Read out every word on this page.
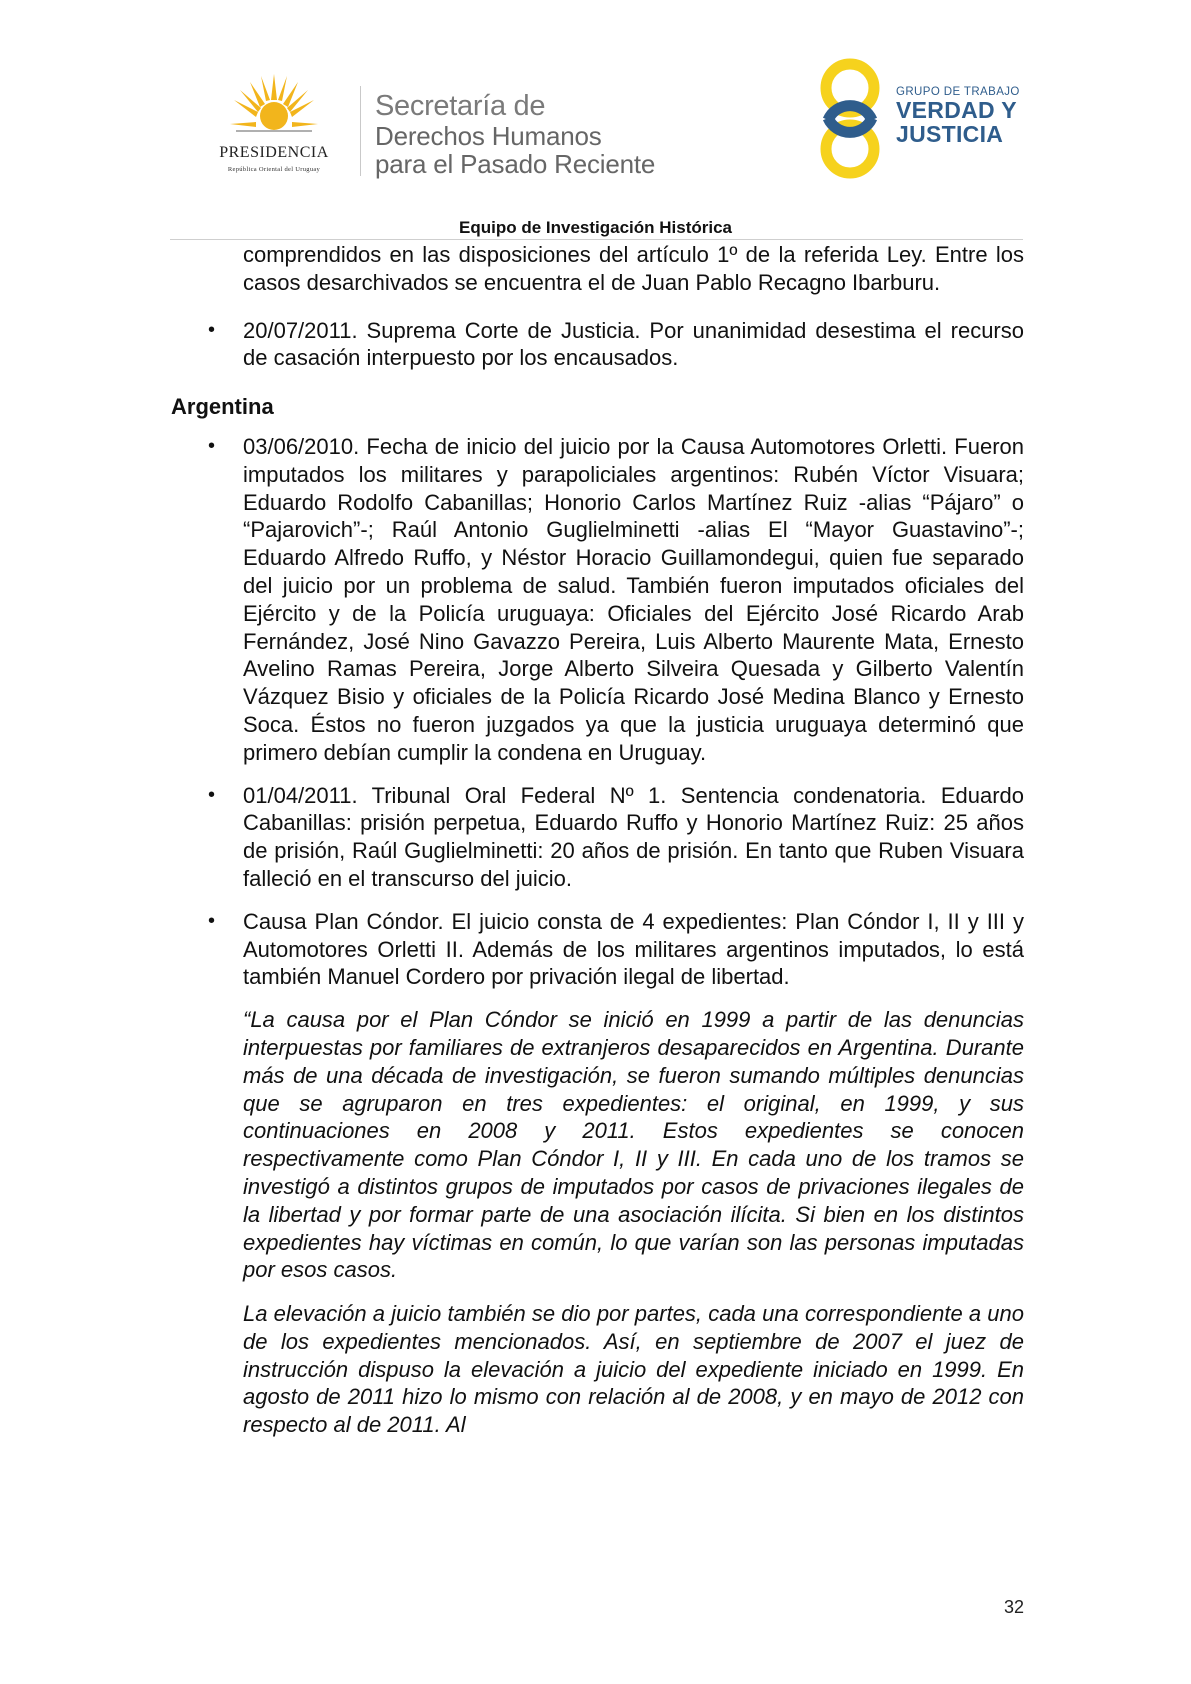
PRESIDENCIA
República Oriental del Uruguay
Secretaría de
Derechos Humanos
para el Pasado Reciente
GRUPO DE TRABAJO
VERDAD Y
JUSTICIA
Equipo de Investigación Histórica
comprendidos en las disposiciones del artículo 1º de la referida Ley. Entre los casos desarchivados se encuentra el de Juan Pablo Recagno Ibarburu.
•	20/07/2011. Suprema Corte de Justicia. Por unanimidad desestima el recurso de casación interpuesto por los encausados.
Argentina
•	03/06/2010. Fecha de inicio del juicio por la Causa Automotores Orletti. Fueron imputados los militares y parapoliciales argentinos: Rubén Víctor Visuara; Eduardo Rodolfo Cabanillas; Honorio Carlos Martínez Ruiz -alias “Pájaro” o “Pajarovich”-; Raúl Antonio Guglielminetti -alias El “Mayor Guastavino”-; Eduardo Alfredo Ruffo, y Néstor Horacio Guillamondegui, quien fue separado del juicio por un problema de salud. También fueron imputados oficiales del Ejército y de la Policía uruguaya: Oficiales del Ejército José Ricardo Arab Fernández, José Nino Gavazzo Pereira, Luis Alberto Maurente Mata, Ernesto Avelino Ramas Pereira, Jorge Alberto Silveira Quesada y Gilberto Valentín Vázquez Bisio y oficiales de la Policía Ricardo José Medina Blanco y Ernesto Soca. Éstos no fueron juzgados ya que la justicia uruguaya determinó que primero debían cumplir la condena en Uruguay.
•	01/04/2011. Tribunal Oral Federal Nº 1. Sentencia condenatoria. Eduardo Cabanillas: prisión perpetua, Eduardo Ruffo y Honorio Martínez Ruiz: 25 años de prisión, Raúl Guglielminetti: 20 años de prisión. En tanto que Ruben Visuara falleció en el transcurso del juicio.
•	Causa Plan Cóndor. El juicio consta de 4 expedientes: Plan Cóndor I, II y III y Automotores Orletti II. Además de los militares argentinos imputados, lo está también Manuel Cordero por privación ilegal de libertad.
“La causa por el Plan Cóndor se inició en 1999 a partir de las denuncias interpuestas por familiares de extranjeros desaparecidos en Argentina. Durante más de una década de investigación, se fueron sumando múltiples denuncias que se agruparon en tres expedientes: el original, en 1999, y sus continuaciones en 2008 y 2011. Estos expedientes se conocen respectivamente como Plan Cóndor I, II y III. En cada uno de los tramos se investigó a distintos grupos de imputados por casos de privaciones ilegales de la libertad y por formar parte de una asociación ilícita. Si bien en los distintos expedientes hay víctimas en común, lo que varían son las personas imputadas por esos casos.
La elevación a juicio también se dio por partes, cada una correspondiente a uno de los expedientes mencionados. Así, en septiembre de 2007 el juez de instrucción dispuso la elevación a juicio del expediente iniciado en 1999. En agosto de 2011 hizo lo mismo con relación al de 2008, y en mayo de 2012 con respecto al de 2011. Al
32
